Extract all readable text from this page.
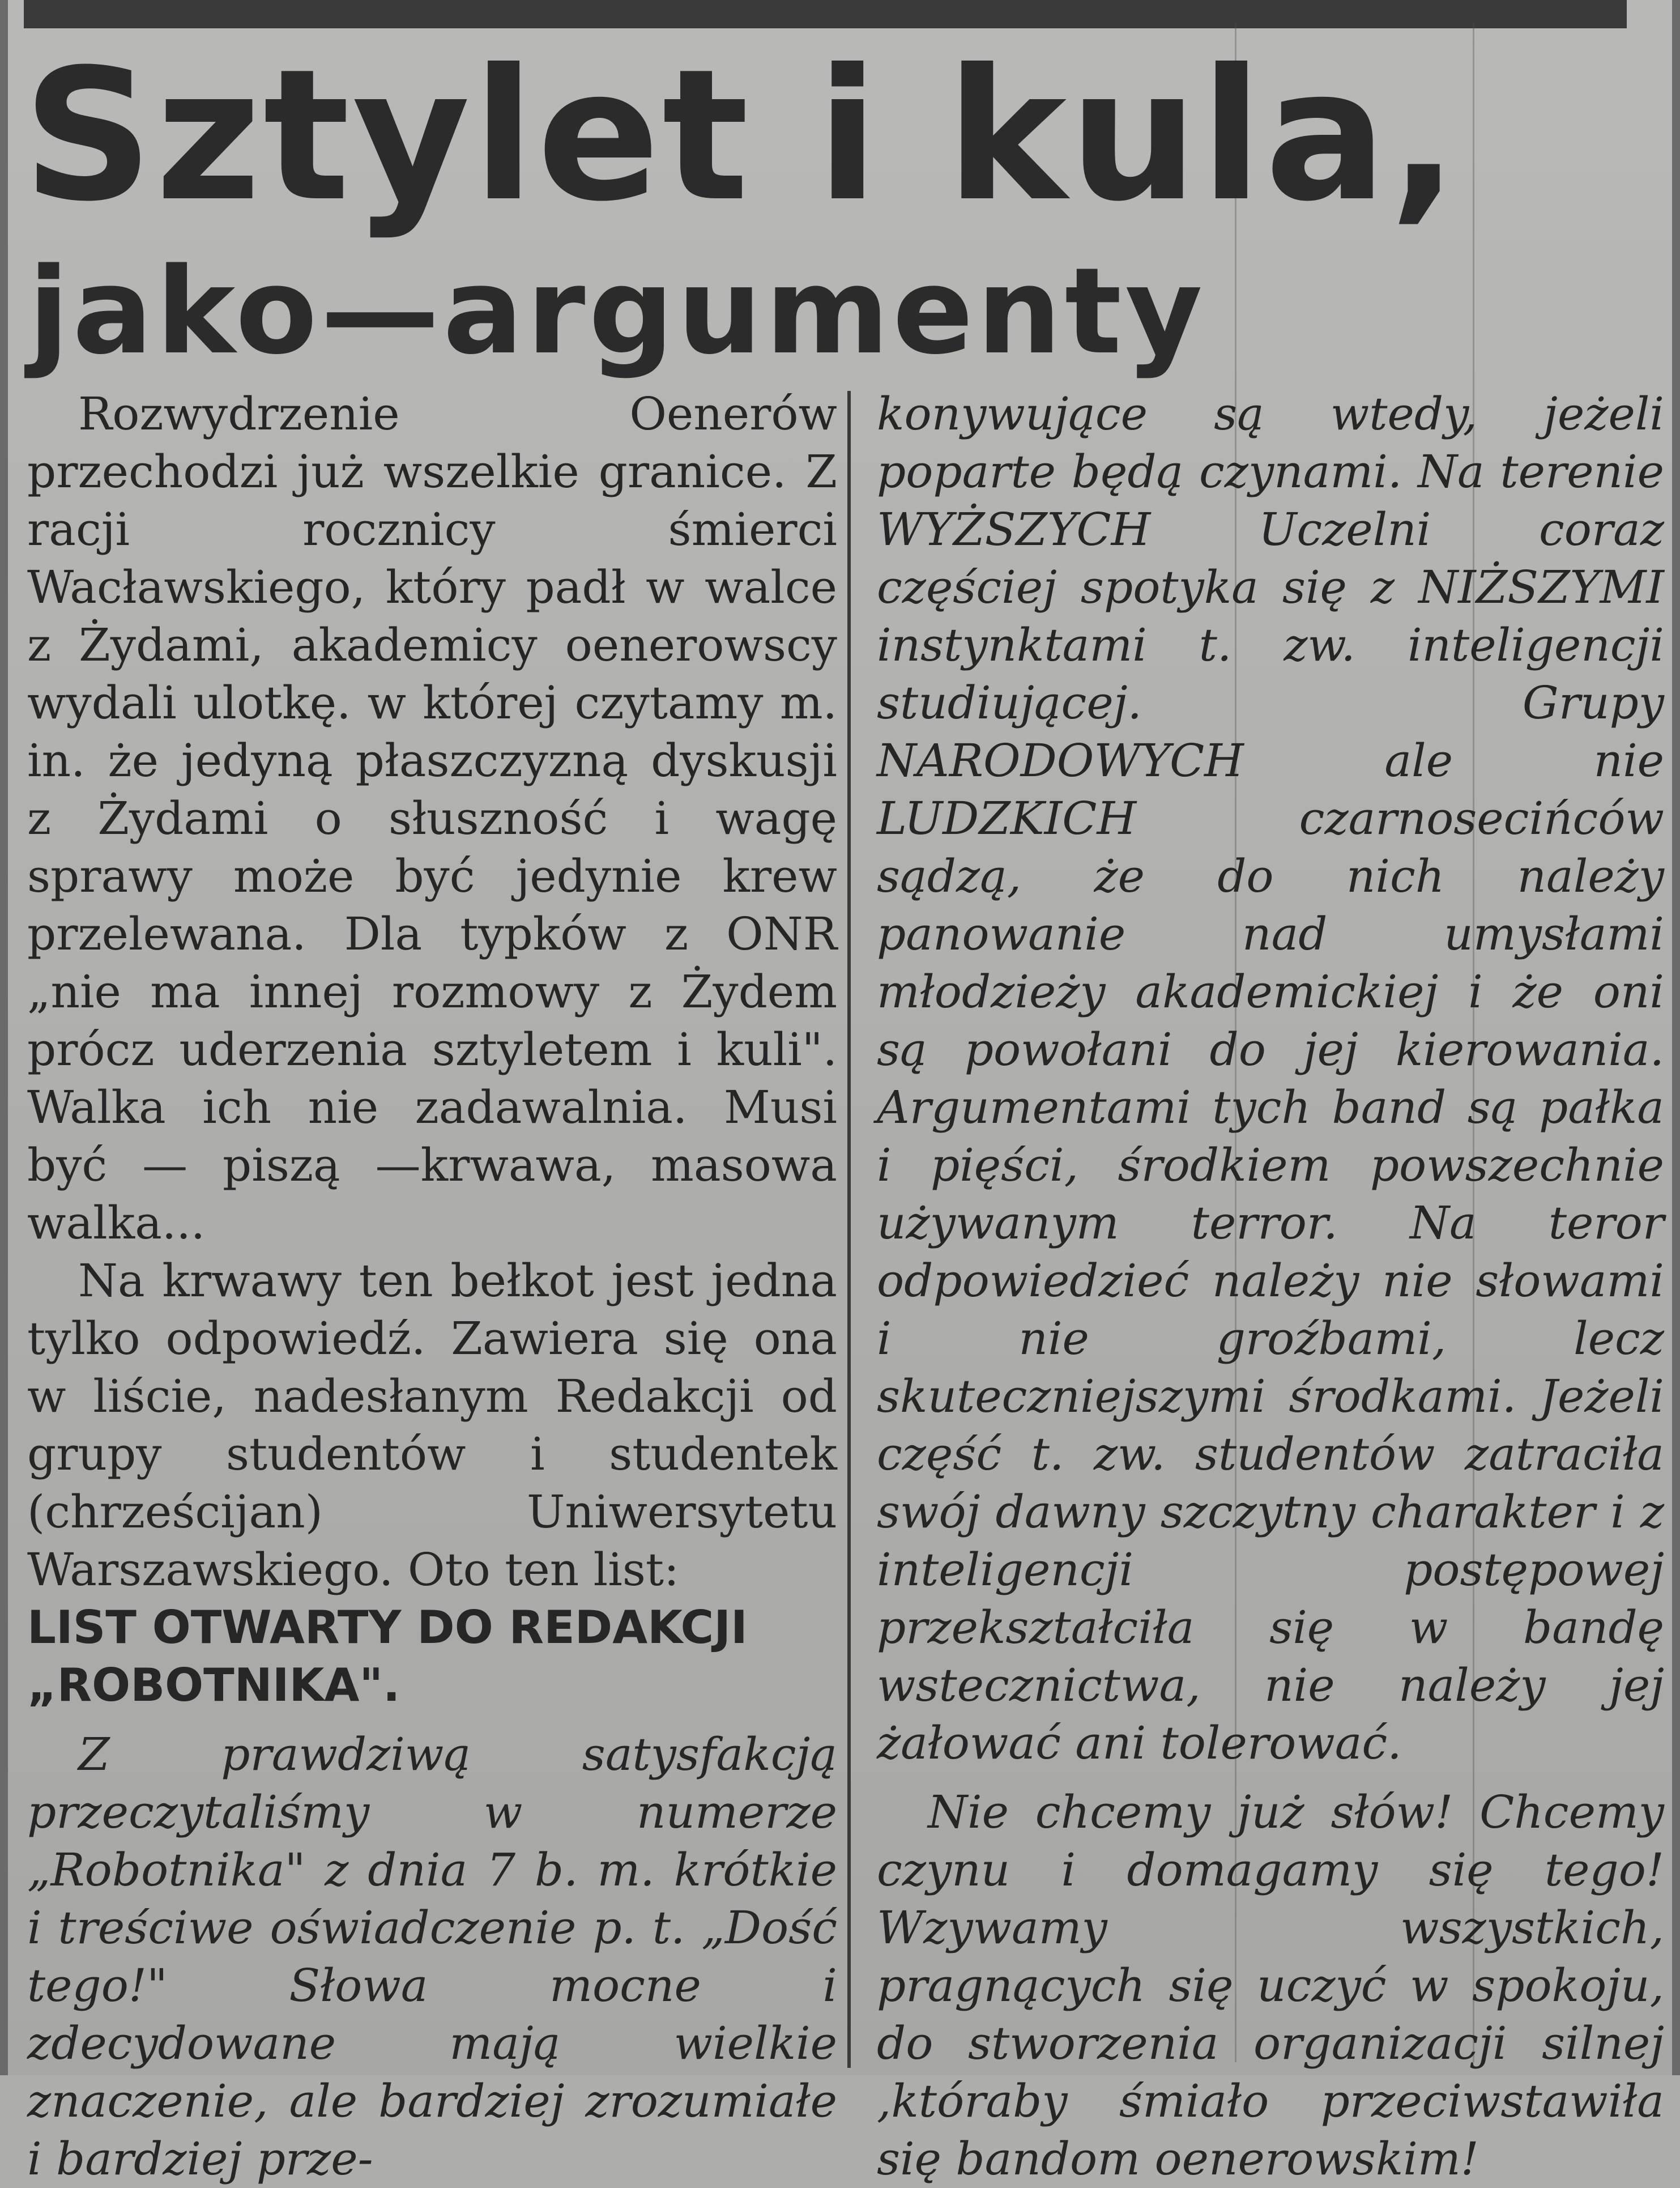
Sztylet i kula,
jako—argumenty

Rozwydrzenie Oenerów przechodzi już wszelkie granice. Z racji rocznicy śmierci Wacławskiego, który padł w walce z Żydami, akademicy oenerowscy wydali ulotkę. w której czytamy m. in. że jedyną płaszczyzną dyskusji z Żydami o słuszność i wagę sprawy może być jedynie krew przelewana. Dla typków z ONR „nie ma innej rozmowy z Żydem prócz uderzenia sztyletem i kuli". Walka ich nie zadawalnia. Musi być — piszą —krwawa, masowa walka...

Na krwawy ten bełkot jest jedna tylko odpowiedź. Zawiera się ona w liście, nadesłanym Redakcji od grupy studentów i studentek (chrześcijan) Uniwersytetu Warszawskiego. Oto ten list:

LIST OTWARTY DO REDAKCJI

„ROBOTNIKA".

Z prawdziwą satysfakcją przeczytaliśmy w numerze „Robotnika" z dnia 7 b. m. krótkie i treściwe oświadczenie p. t. „Dość tego!" Słowa mocne i zdecydowane mają wielkie znaczenie, ale bardziej zrozumiałe i bardziej prze-

konywujące są wtedy, jeżeli poparte będą czynami. Na terenie WYŻSZYCH Uczelni coraz częściej spotyka się z NIŻSZYMI instynktami t. zw. inteligencji studiującej. Grupy NARODOWYCH ale nie LUDZKICH czarnosecińców sądzą, że do nich należy panowanie nad umysłami młodzieży akademickiej i że oni są powołani do jej kierowania. Argumentami tych band są pałka i pięści, środkiem powszechnie używanym terror. Na teror odpowiedzieć należy nie słowami i nie groźbami, lecz skuteczniejszymi środkami. Jeżeli część t. zw. studentów zatraciła swój dawny szczytny charakter i z inteligencji postępowej przekształciła się w bandę wstecznictwa, nie należy jej żałować ani tolerować.

Nie chcemy już słów! Chcemy czynu i domagamy się tego! Wzywamy wszystkich, pragnących się uczyć w spokoju, do stworzenia organizacji silnej ,któraby śmiało przeciwstawiła się bandom oenerowskim!
